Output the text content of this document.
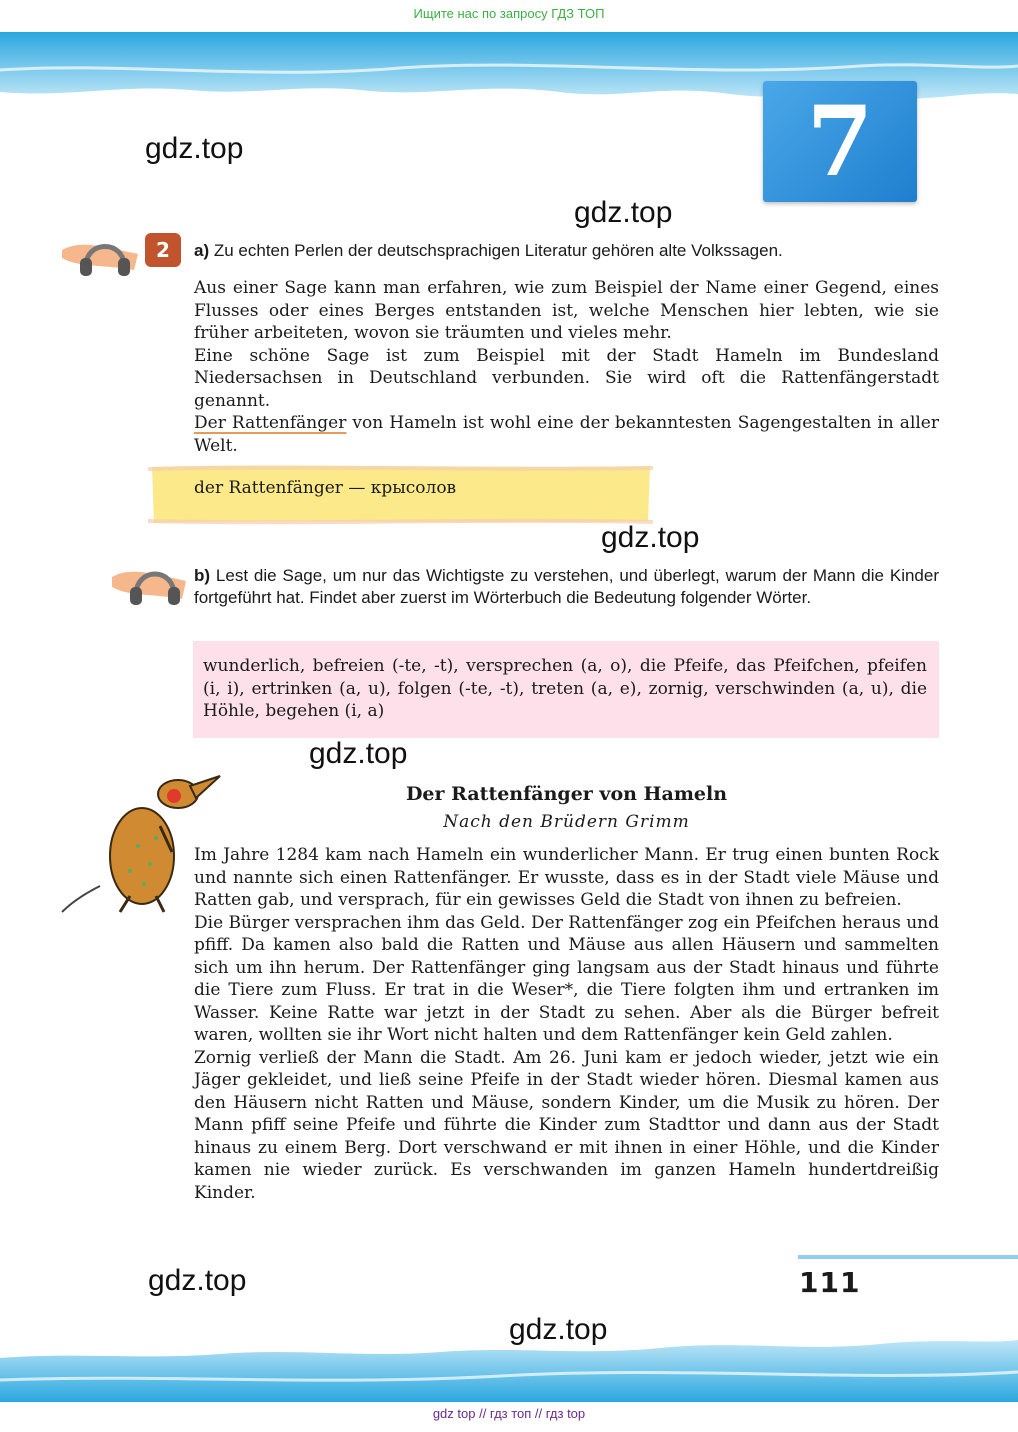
Ищите нас по запросу ГДЗ ТОП
7
gdz.top
gdz.top
2	a) Zu echten Perlen der deutschsprachigen Literatur gehören alte Volkssagen.

Aus einer Sage kann man erfahren, wie zum Beispiel der Name einer Gegend, eines Flusses oder eines Berges entstanden ist, welche Menschen hier lebten, wie sie früher arbeiteten, wovon sie träumten und vieles mehr.

Eine schöne Sage ist zum Beispiel mit der Stadt Hameln im Bundesland Niedersachsen in Deutschland verbunden. Sie wird oft die Rattenfängerstadt genannt.

Der Rattenfänger von Hameln ist wohl eine der bekanntesten Sagengestalten in aller Welt.

der Rattenfänger — крысолов
gdz.top
b) Lest die Sage, um nur das Wichtigste zu verstehen, und überlegt, warum der Mann die Kinder fortgeführt hat. Findet aber zuerst im Wörterbuch die Bedeutung folgender Wörter.
wunderlich, befreien (-te, -t), versprechen (a, o), die Pfeife, das Pfeifchen, pfeifen (i, i), ertrinken (a, u), folgen (-te, -t), treten (a, e), zornig, verschwinden (a, u), die Höhle, begehen (i, a)
gdz.top
Der Rattenfänger von Hameln
Nach den Brüdern Grimm

Im Jahre 1284 kam nach Hameln ein wunderlicher Mann. Er trug einen bunten Rock und nannte sich einen Rattenfänger. Er wusste, dass es in der Stadt viele Mäuse und Ratten gab, und versprach, für ein gewisses Geld die Stadt von ihnen zu befreien.

Die Bürger versprachen ihm das Geld. Der Rattenfänger zog ein Pfeifchen heraus und pfiff. Da kamen also bald die Ratten und Mäuse aus allen Häusern und sammelten sich um ihn herum. Der Rattenfänger ging langsam aus der Stadt hinaus und führte die Tiere zum Fluss. Er trat in die Weser*, die Tiere folgten ihm und ertranken im Wasser. Keine Ratte war jetzt in der Stadt zu sehen. Aber als die Bürger befreit waren, wollten sie ihr Wort nicht halten und dem Rattenfänger kein Geld zahlen.

Zornig verließ der Mann die Stadt. Am 26. Juni kam er jedoch wieder, jetzt wie ein Jäger gekleidet, und ließ seine Pfeife in der Stadt wieder hören. Diesmal kamen aus den Häusern nicht Ratten und Mäuse, sondern Kinder, um die Musik zu hören. Der Mann pfiff seine Pfeife und führte die Kinder zum Stadttor und dann aus der Stadt hinaus zu einem Berg. Dort verschwand er mit ihnen in einer Höhle, und die Kinder kamen nie wieder zurück. Es verschwanden im ganzen Hameln hundertdreißig Kinder.

111
gdz.top
gdz.top
gdz top // гдз топ // гдз top
